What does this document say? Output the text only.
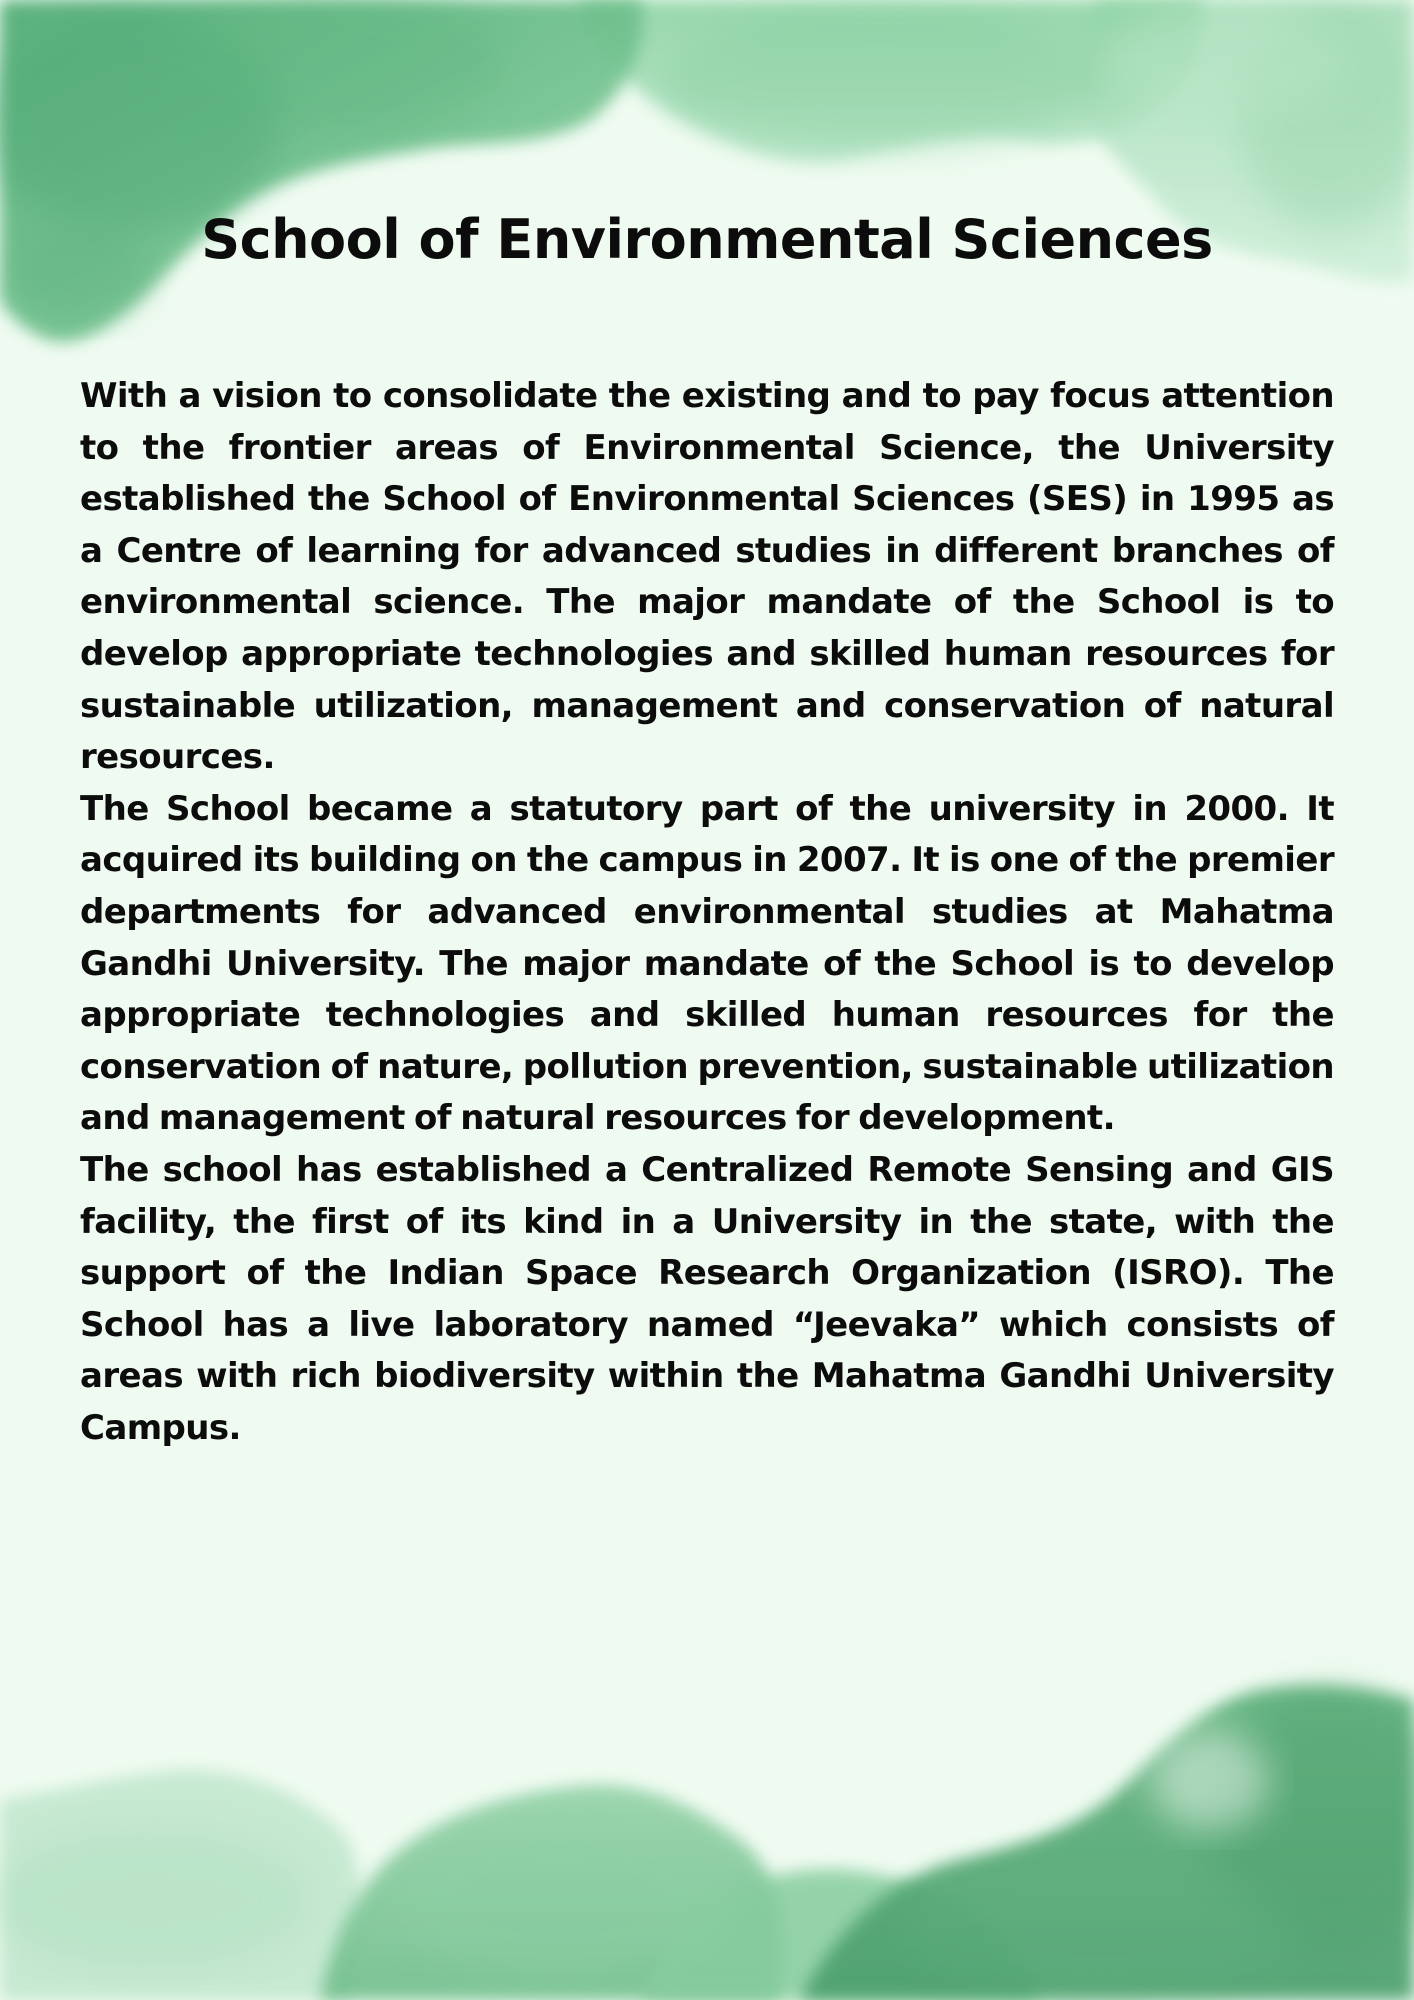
School of Environmental Sciences

With a vision to consolidate the existing and to pay focus attention to the frontier areas of Environmental Science, the University established the School of Environmental Sciences (SES) in 1995 as a Centre of learning for advanced studies in different branches of environmental science. The major mandate of the School is to develop appropriate technologies and skilled human resources for sustainable utilization, management and conservation of natural resources.

The School became a statutory part of the university in 2000. It acquired its building on the campus in 2007. It is one of the premier departments for advanced environmental studies at Mahatma Gandhi University. The major mandate of the School is to develop appropriate technologies and skilled human resources for the conservation of nature, pollution prevention, sustainable utilization and management of natural resources for development.

The school has established a Centralized Remote Sensing and GIS facility, the first of its kind in a University in the state, with the support of the Indian Space Research Organization (ISRO). The School has a live laboratory named “Jeevaka” which consists of areas with rich biodiversity within the Mahatma Gandhi University Campus.
